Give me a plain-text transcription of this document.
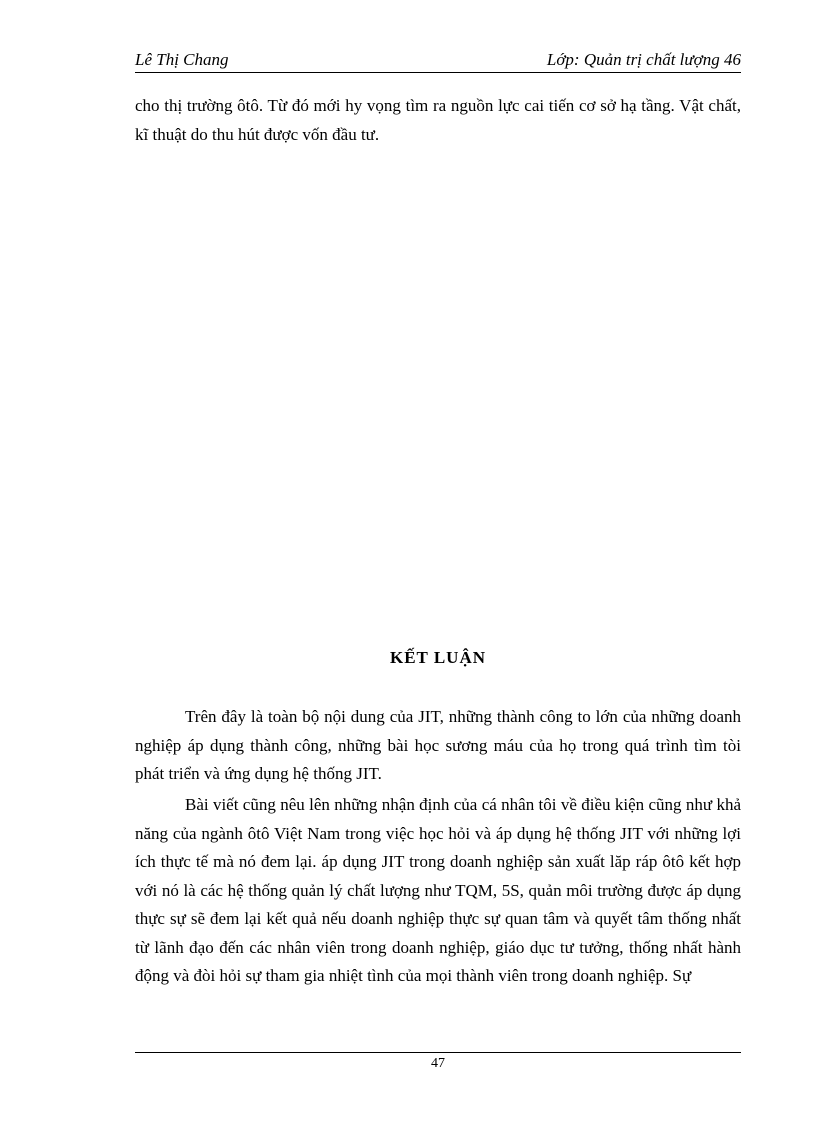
Lê Thị Chang	Lớp: Quản trị chất lượng 46

cho thị trường ôtô. Từ đó mới hy vọng tìm ra nguồn lực cai tiến cơ sở hạ tầng. Vật chất, kĩ thuật do thu hút được vốn đầu tư.

KẾT LUẬN

Trên đây là toàn bộ nội dung của JIT, những thành công to lớn của những doanh nghiệp áp dụng thành công, những bài học sương máu của họ trong quá trình tìm tòi phát triển và ứng dụng hệ thống JIT.

Bài viết cũng nêu lên những nhận định của cá nhân tôi về điều kiện cũng như khả năng của ngành ôtô Việt Nam trong việc học hỏi và áp dụng hệ thống JIT với những lợi ích thực tế mà nó đem lại. áp dụng JIT trong doanh nghiệp sản xuất lăp ráp ôtô kết hợp với nó là các hệ thống quản lý chất lượng như TQM, 5S, quản môi trường được áp dụng thực sự sẽ đem lại kết quả nếu doanh nghiệp thực sự quan tâm và quyết tâm thống nhất từ lãnh đạo đến các nhân viên trong doanh nghiệp, giáo dục tư tưởng, thống nhất hành động và đòi hỏi sự tham gia nhiệt tình của mọi thành viên trong doanh nghiệp. Sự

47
